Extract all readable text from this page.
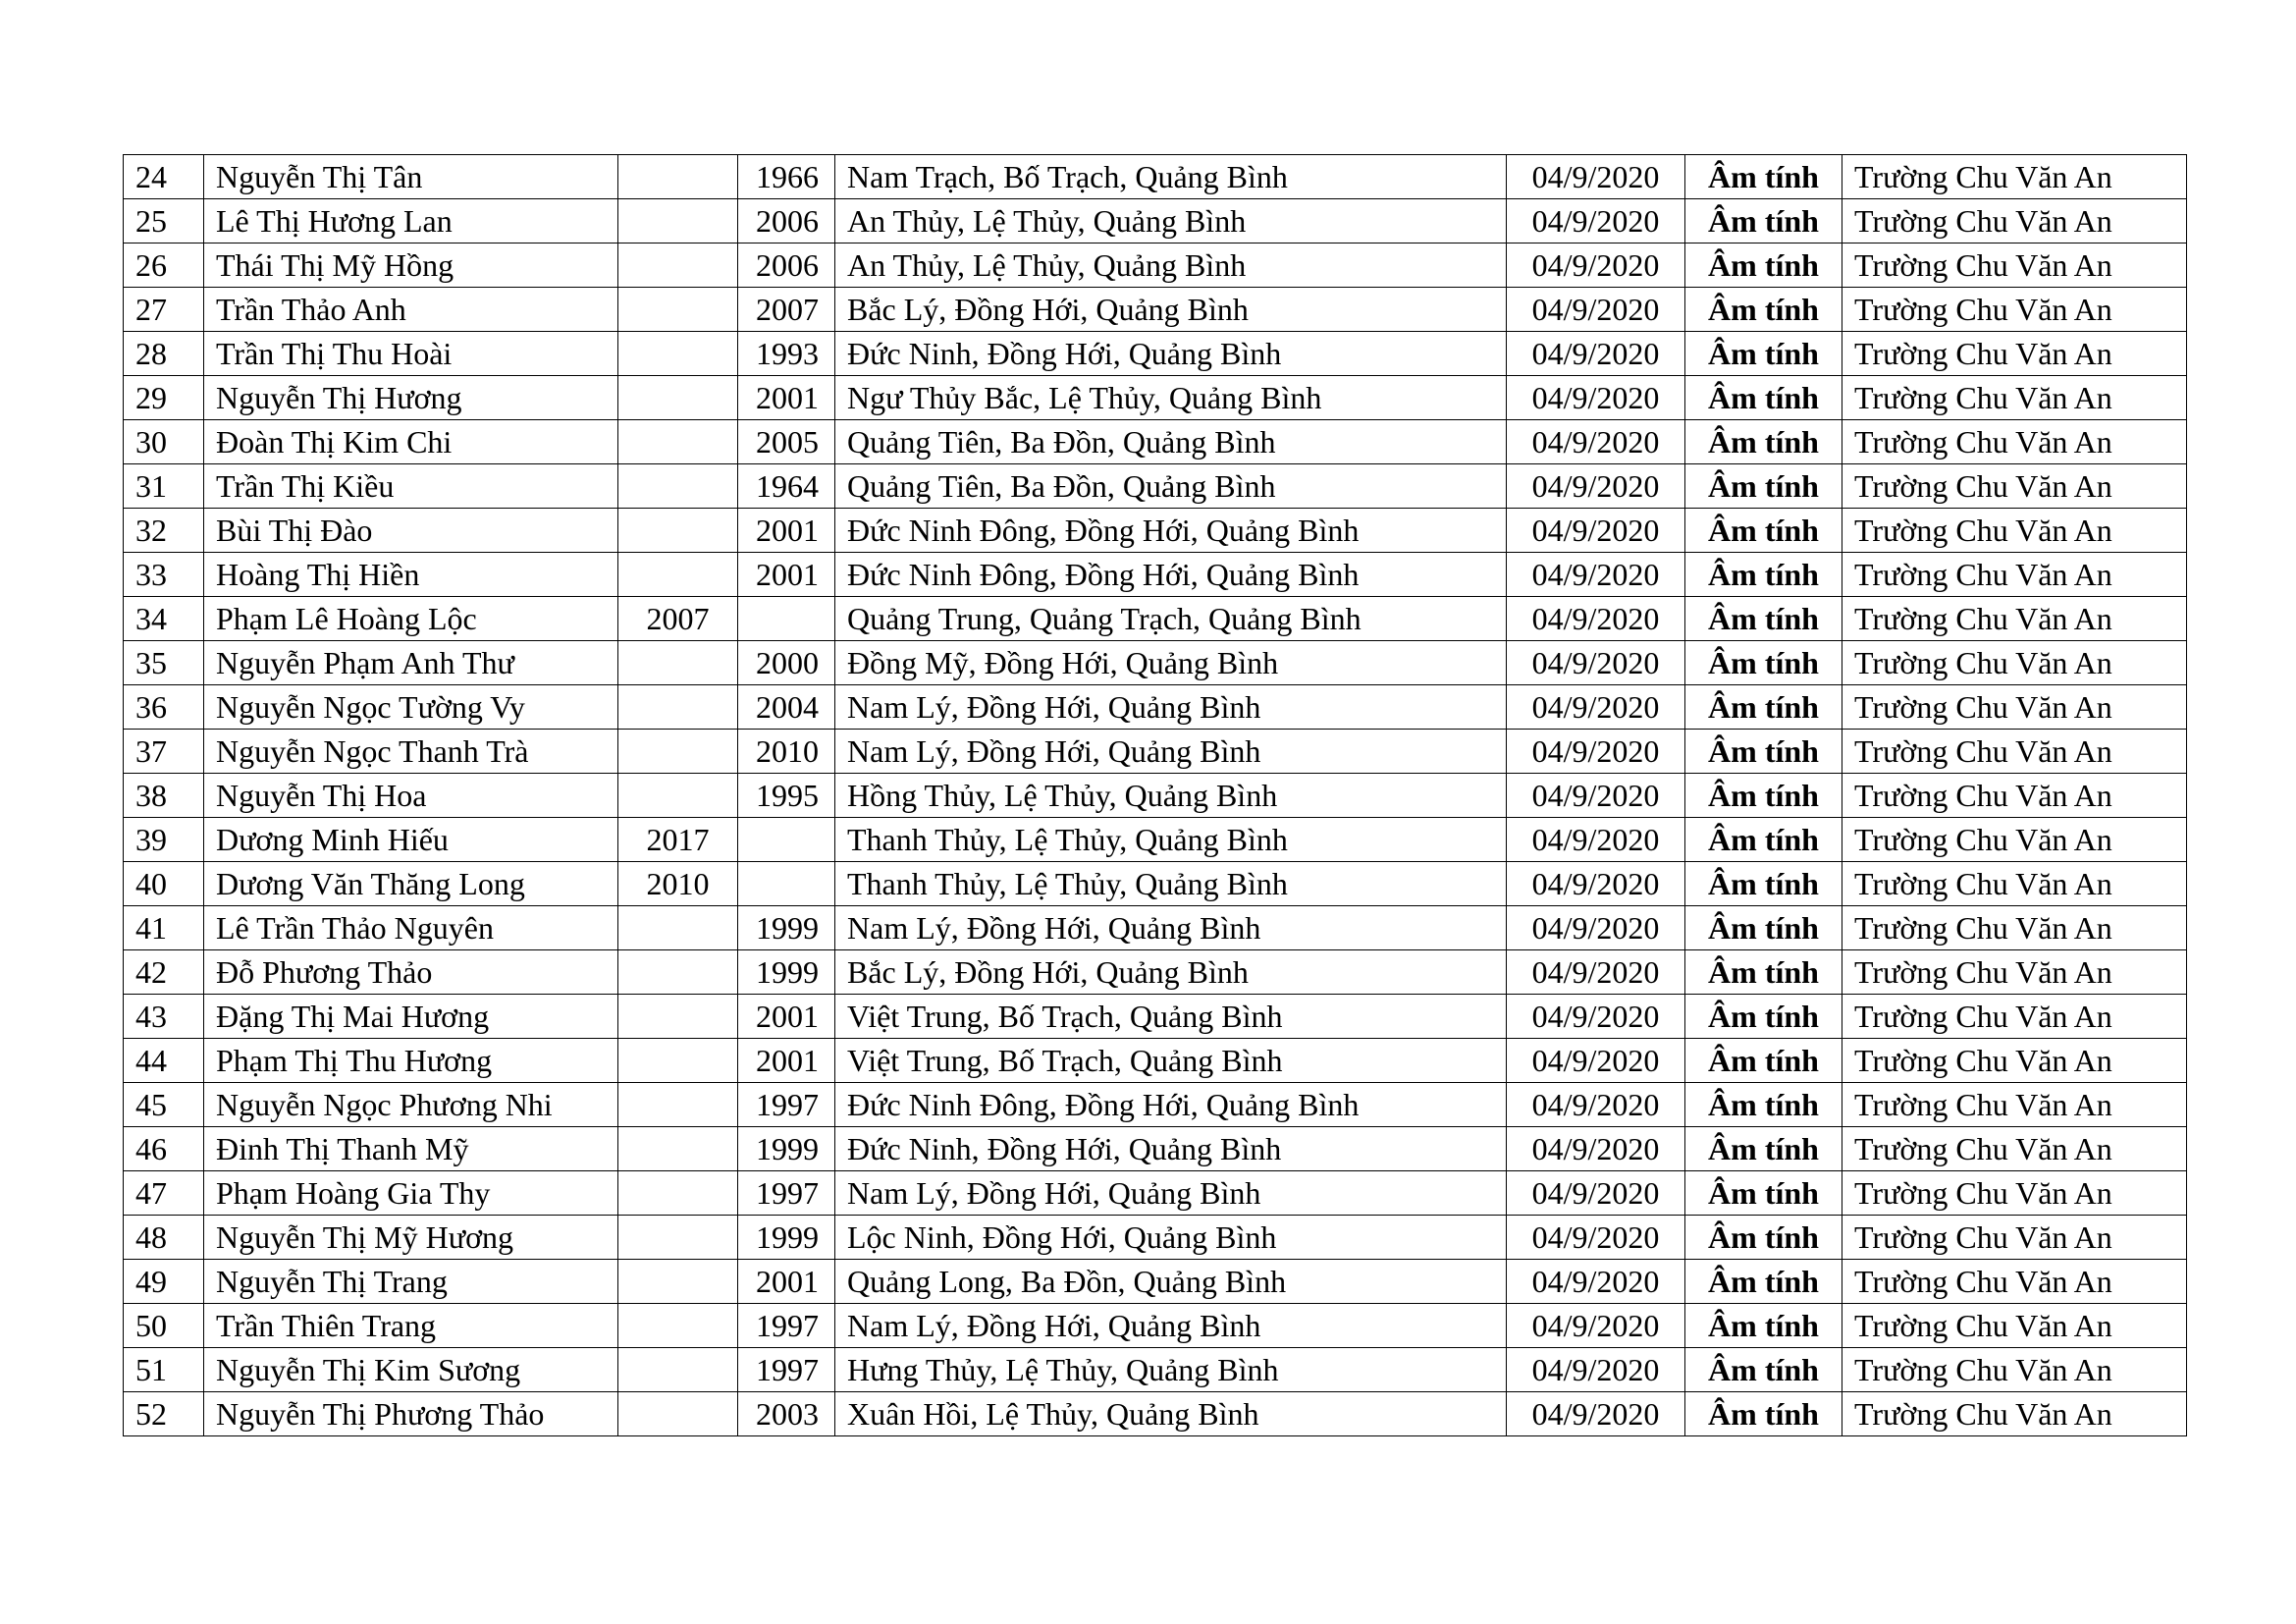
24	Nguyễn Thị Tân		1966	Nam Trạch, Bố Trạch, Quảng Bình	04/9/2020	Âm tính	Trường Chu Văn An
25	Lê Thị Hương Lan		2006	An Thủy, Lệ Thủy, Quảng Bình	04/9/2020	Âm tính	Trường Chu Văn An
26	Thái Thị Mỹ Hồng		2006	An Thủy, Lệ Thủy, Quảng Bình	04/9/2020	Âm tính	Trường Chu Văn An
27	Trần Thảo Anh		2007	Bắc Lý, Đồng Hới, Quảng Bình	04/9/2020	Âm tính	Trường Chu Văn An
28	Trần Thị Thu Hoài		1993	Đức Ninh, Đồng Hới, Quảng Bình	04/9/2020	Âm tính	Trường Chu Văn An
29	Nguyễn Thị Hương		2001	Ngư Thủy Bắc, Lệ Thủy, Quảng Bình	04/9/2020	Âm tính	Trường Chu Văn An
30	Đoàn Thị Kim Chi		2005	Quảng Tiên, Ba Đồn, Quảng Bình	04/9/2020	Âm tính	Trường Chu Văn An
31	Trần Thị Kiều		1964	Quảng Tiên, Ba Đồn, Quảng Bình	04/9/2020	Âm tính	Trường Chu Văn An
32	Bùi Thị Đào		2001	Đức Ninh Đông, Đồng Hới, Quảng Bình	04/9/2020	Âm tính	Trường Chu Văn An
33	Hoàng Thị Hiền		2001	Đức Ninh Đông, Đồng Hới, Quảng Bình	04/9/2020	Âm tính	Trường Chu Văn An
34	Phạm Lê Hoàng Lộc	2007		Quảng Trung, Quảng Trạch, Quảng Bình	04/9/2020	Âm tính	Trường Chu Văn An
35	Nguyễn Phạm Anh Thư		2000	Đồng Mỹ, Đồng Hới, Quảng Bình	04/9/2020	Âm tính	Trường Chu Văn An
36	Nguyễn Ngọc Tường Vy		2004	Nam Lý, Đồng Hới, Quảng Bình	04/9/2020	Âm tính	Trường Chu Văn An
37	Nguyễn Ngọc Thanh Trà		2010	Nam Lý, Đồng Hới, Quảng Bình	04/9/2020	Âm tính	Trường Chu Văn An
38	Nguyễn Thị Hoa		1995	Hồng Thủy, Lệ Thủy, Quảng Bình	04/9/2020	Âm tính	Trường Chu Văn An
39	Dương Minh Hiếu	2017		Thanh Thủy, Lệ Thủy, Quảng Bình	04/9/2020	Âm tính	Trường Chu Văn An
40	Dương Văn Thăng Long	2010		Thanh Thủy, Lệ Thủy, Quảng Bình	04/9/2020	Âm tính	Trường Chu Văn An
41	Lê Trần Thảo Nguyên		1999	Nam Lý, Đồng Hới, Quảng Bình	04/9/2020	Âm tính	Trường Chu Văn An
42	Đỗ Phương Thảo		1999	Bắc Lý, Đồng Hới, Quảng Bình	04/9/2020	Âm tính	Trường Chu Văn An
43	Đặng Thị Mai Hương		2001	Việt Trung, Bố Trạch, Quảng Bình	04/9/2020	Âm tính	Trường Chu Văn An
44	Phạm Thị Thu Hương		2001	Việt Trung, Bố Trạch, Quảng Bình	04/9/2020	Âm tính	Trường Chu Văn An
45	Nguyễn Ngọc Phương Nhi		1997	Đức Ninh Đông, Đồng Hới, Quảng Bình	04/9/2020	Âm tính	Trường Chu Văn An
46	Đinh Thị Thanh Mỹ		1999	Đức Ninh, Đồng Hới, Quảng Bình	04/9/2020	Âm tính	Trường Chu Văn An
47	Phạm Hoàng Gia Thy		1997	Nam Lý, Đồng Hới, Quảng Bình	04/9/2020	Âm tính	Trường Chu Văn An
48	Nguyễn Thị Mỹ Hương		1999	Lộc Ninh, Đồng Hới, Quảng Bình	04/9/2020	Âm tính	Trường Chu Văn An
49	Nguyễn Thị Trang		2001	Quảng Long, Ba Đồn, Quảng Bình	04/9/2020	Âm tính	Trường Chu Văn An
50	Trần Thiên Trang		1997	Nam Lý, Đồng Hới, Quảng Bình	04/9/2020	Âm tính	Trường Chu Văn An
51	Nguyễn Thị Kim Sương		1997	Hưng Thủy, Lệ Thủy, Quảng Bình	04/9/2020	Âm tính	Trường Chu Văn An
52	Nguyễn Thị Phương Thảo		2003	Xuân Hồi, Lệ Thủy, Quảng Bình	04/9/2020	Âm tính	Trường Chu Văn An
